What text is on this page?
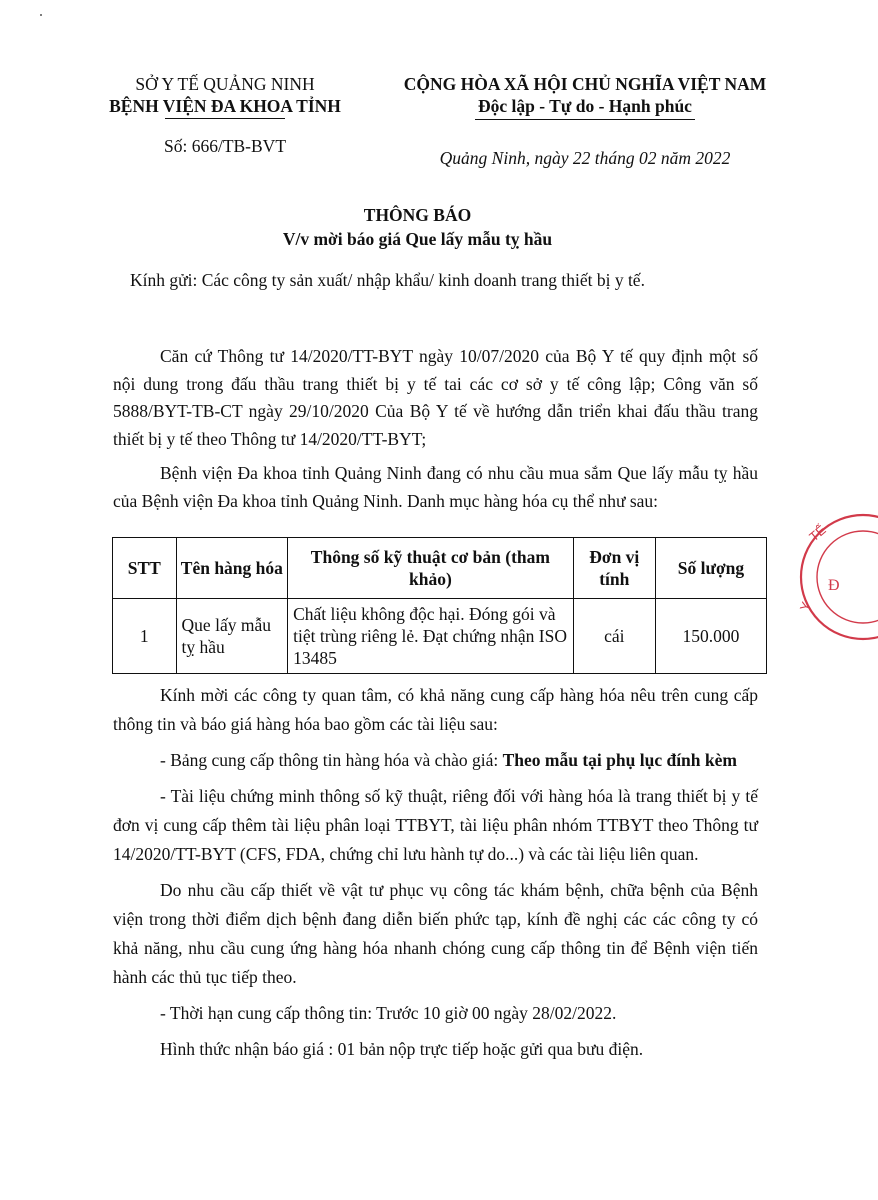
SỞ Y TẾ QUẢNG NINH
BỆNH VIỆN ĐA KHOA TỈNH
Số: 666/TB-BVT
CỘNG HÒA XÃ HỘI CHỦ NGHĨA VIỆT NAM
Độc lập - Tự do - Hạnh phúc
Quảng Ninh, ngày 22 tháng 02 năm 2022
THÔNG BÁO
V/v mời báo giá Que lấy mẫu tỵ hầu
Kính gửi: Các công ty sản xuất/ nhập khẩu/ kinh doanh trang thiết bị y tế.

Căn cứ Thông tư 14/2020/TT-BYT ngày 10/07/2020 của Bộ Y tế quy định một số nội dung trong đấu thầu trang thiết bị y tế tai các cơ sở y tế công lập; Công văn số 5888/BYT-TB-CT ngày 29/10/2020 Của Bộ Y tế về hướng dẫn triển khai đấu thầu trang thiết bị y tế theo Thông tư 14/2020/TT-BYT;

Bệnh viện Đa khoa tỉnh Quảng Ninh đang có nhu cầu mua sắm Que lấy mẫu tỵ hầu của Bệnh viện Đa khoa tỉnh Quảng Ninh. Danh mục hàng hóa cụ thể như sau:

STT	Tên hàng hóa	Thông số kỹ thuật cơ bản (tham khảo)	Đơn vị tính	Số lượng
1	Que lấy mẫu tỵ hầu	Chất liệu không độc hại. Đóng gói và tiệt trùng riêng lẻ. Đạt chứng nhận ISO 13485	cái	150.000

Kính mời các công ty quan tâm, có khả năng cung cấp hàng hóa nêu trên cung cấp thông tin và báo giá hàng hóa bao gồm các tài liệu sau:

- Bảng cung cấp thông tin hàng hóa và chào giá: Theo mẫu tại phụ lục đính kèm

- Tài liệu chứng minh thông số kỹ thuật, riêng đối với hàng hóa là trang thiết bị y tế đơn vị cung cấp thêm tài liệu phân loại TTBYT, tài liệu phân nhóm TTBYT theo Thông tư 14/2020/TT-BYT (CFS, FDA, chứng chỉ lưu hành tự do...) và các tài liệu liên quan.

Do nhu cầu cấp thiết về vật tư phục vụ công tác khám bệnh, chữa bệnh của Bệnh viện trong thời điểm dịch bệnh đang diễn biến phức tạp, kính đề nghị các các công ty có khả năng, nhu cầu cung ứng hàng hóa nhanh chóng cung cấp thông tin để Bệnh viện tiến hành các thủ tục tiếp theo.

- Thời hạn cung cấp thông tin: Trước 10 giờ 00 ngày 28/02/2022.

Hình thức nhận báo giá : 01 bản nộp trực tiếp hoặc gửi qua bưu điện.

TẾ
Y
Đ
